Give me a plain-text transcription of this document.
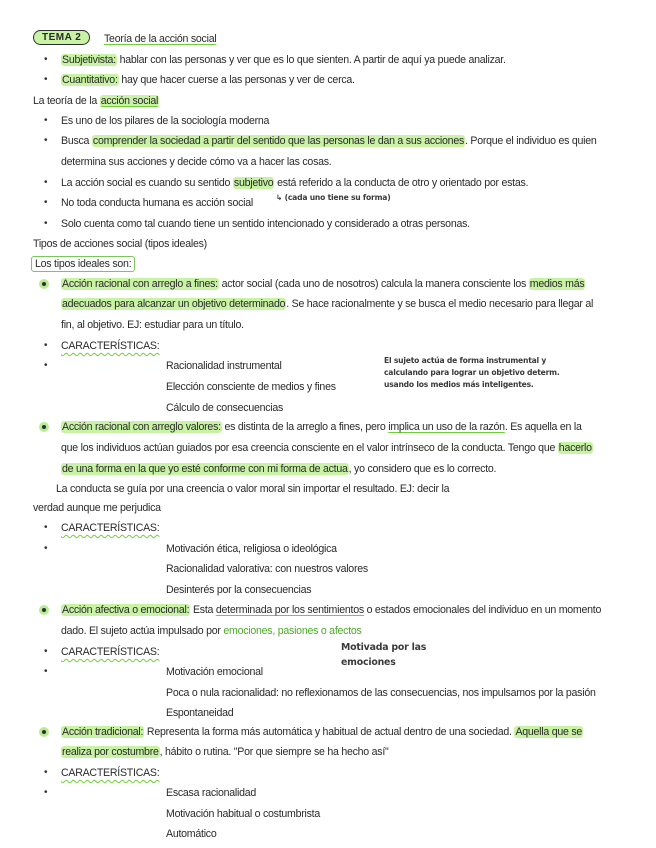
TEMA 2	Teoría de la acción social
• Subjetivista: hablar con las personas y ver que es lo que sienten. A partir de aquí ya puede analizar.
• Cuantitativo: hay que hacer cuerse a las personas y ver de cerca.
La teoría de la acción social
• Es uno de los pilares de la sociología moderna
• Busca comprender la sociedad a partir del sentido que las personas le dan a sus acciones. Porque el individuo es quien
determina sus acciones y decide cómo va a hacer las cosas.
• La acción social es cuando su sentido subjetivo está referido a la conducta de otro y orientado por estas.
• No toda conducta humana es acción social	↳ (cada uno tiene su forma)
• Solo cuenta como tal cuando tiene un sentido intencionado y considerado a otras personas.
Tipos de acciones social (tipos ideales)
Los tipos ideales son:
Acción racional con arreglo a fines: actor social (cada uno de nosotros) calcula la manera consciente los medios más
adecuados para alcanzar un objetivo determinado. Se hace racionalmente y se busca el medio necesario para llegar al
fin, al objetivo. EJ: estudiar para un título.
• CARACTERÍSTICAS:
•	Racionalidad instrumental
Elección consciente de medios y fines
Cálculo de consecuencias
El sujeto actúa de forma instrumental y
calculando para lograr un objetivo determ.
usando los medios más inteligentes.
Acción racional con arreglo valores: es distinta de la arreglo a fines, pero implica un uso de la razón. Es aquella en la
que los individuos actúan guiados por esa creencia consciente en el valor intrínseco de la conducta. Tengo que hacerlo
de una forma en la que yo esté conforme con mi forma de actua, yo considero que es lo correcto.
La conducta se guía por una creencia o valor moral sin importar el resultado. EJ: decir la
verdad aunque me perjudica
• CARACTERÍSTICAS:
•	Motivación ética, religiosa o ideológica
Racionalidad valorativa: con nuestros valores
Desinterés por la consecuencias
Acción afectiva o emocional: Esta determinada por los sentimientos o estados emocionales del individuo en un momento
dado. El sujeto actúa impulsado por emociones, pasiones o afectos
• CARACTERÍSTICAS:	Motivada por las
emociones
•	Motivación emocional
Poca o nula racionalidad: no reflexionamos de las consecuencias, nos impulsamos por la pasión
Espontaneidad
Acción tradicional: Representa la forma más automática y habitual de actual dentro de una sociedad. Aquella que se
realiza por costumbre, hábito o rutina. "Por que siempre se ha hecho así"
• CARACTERÍSTICAS:
•	Escasa racionalidad
Motivación habitual o costumbrista
Automático
